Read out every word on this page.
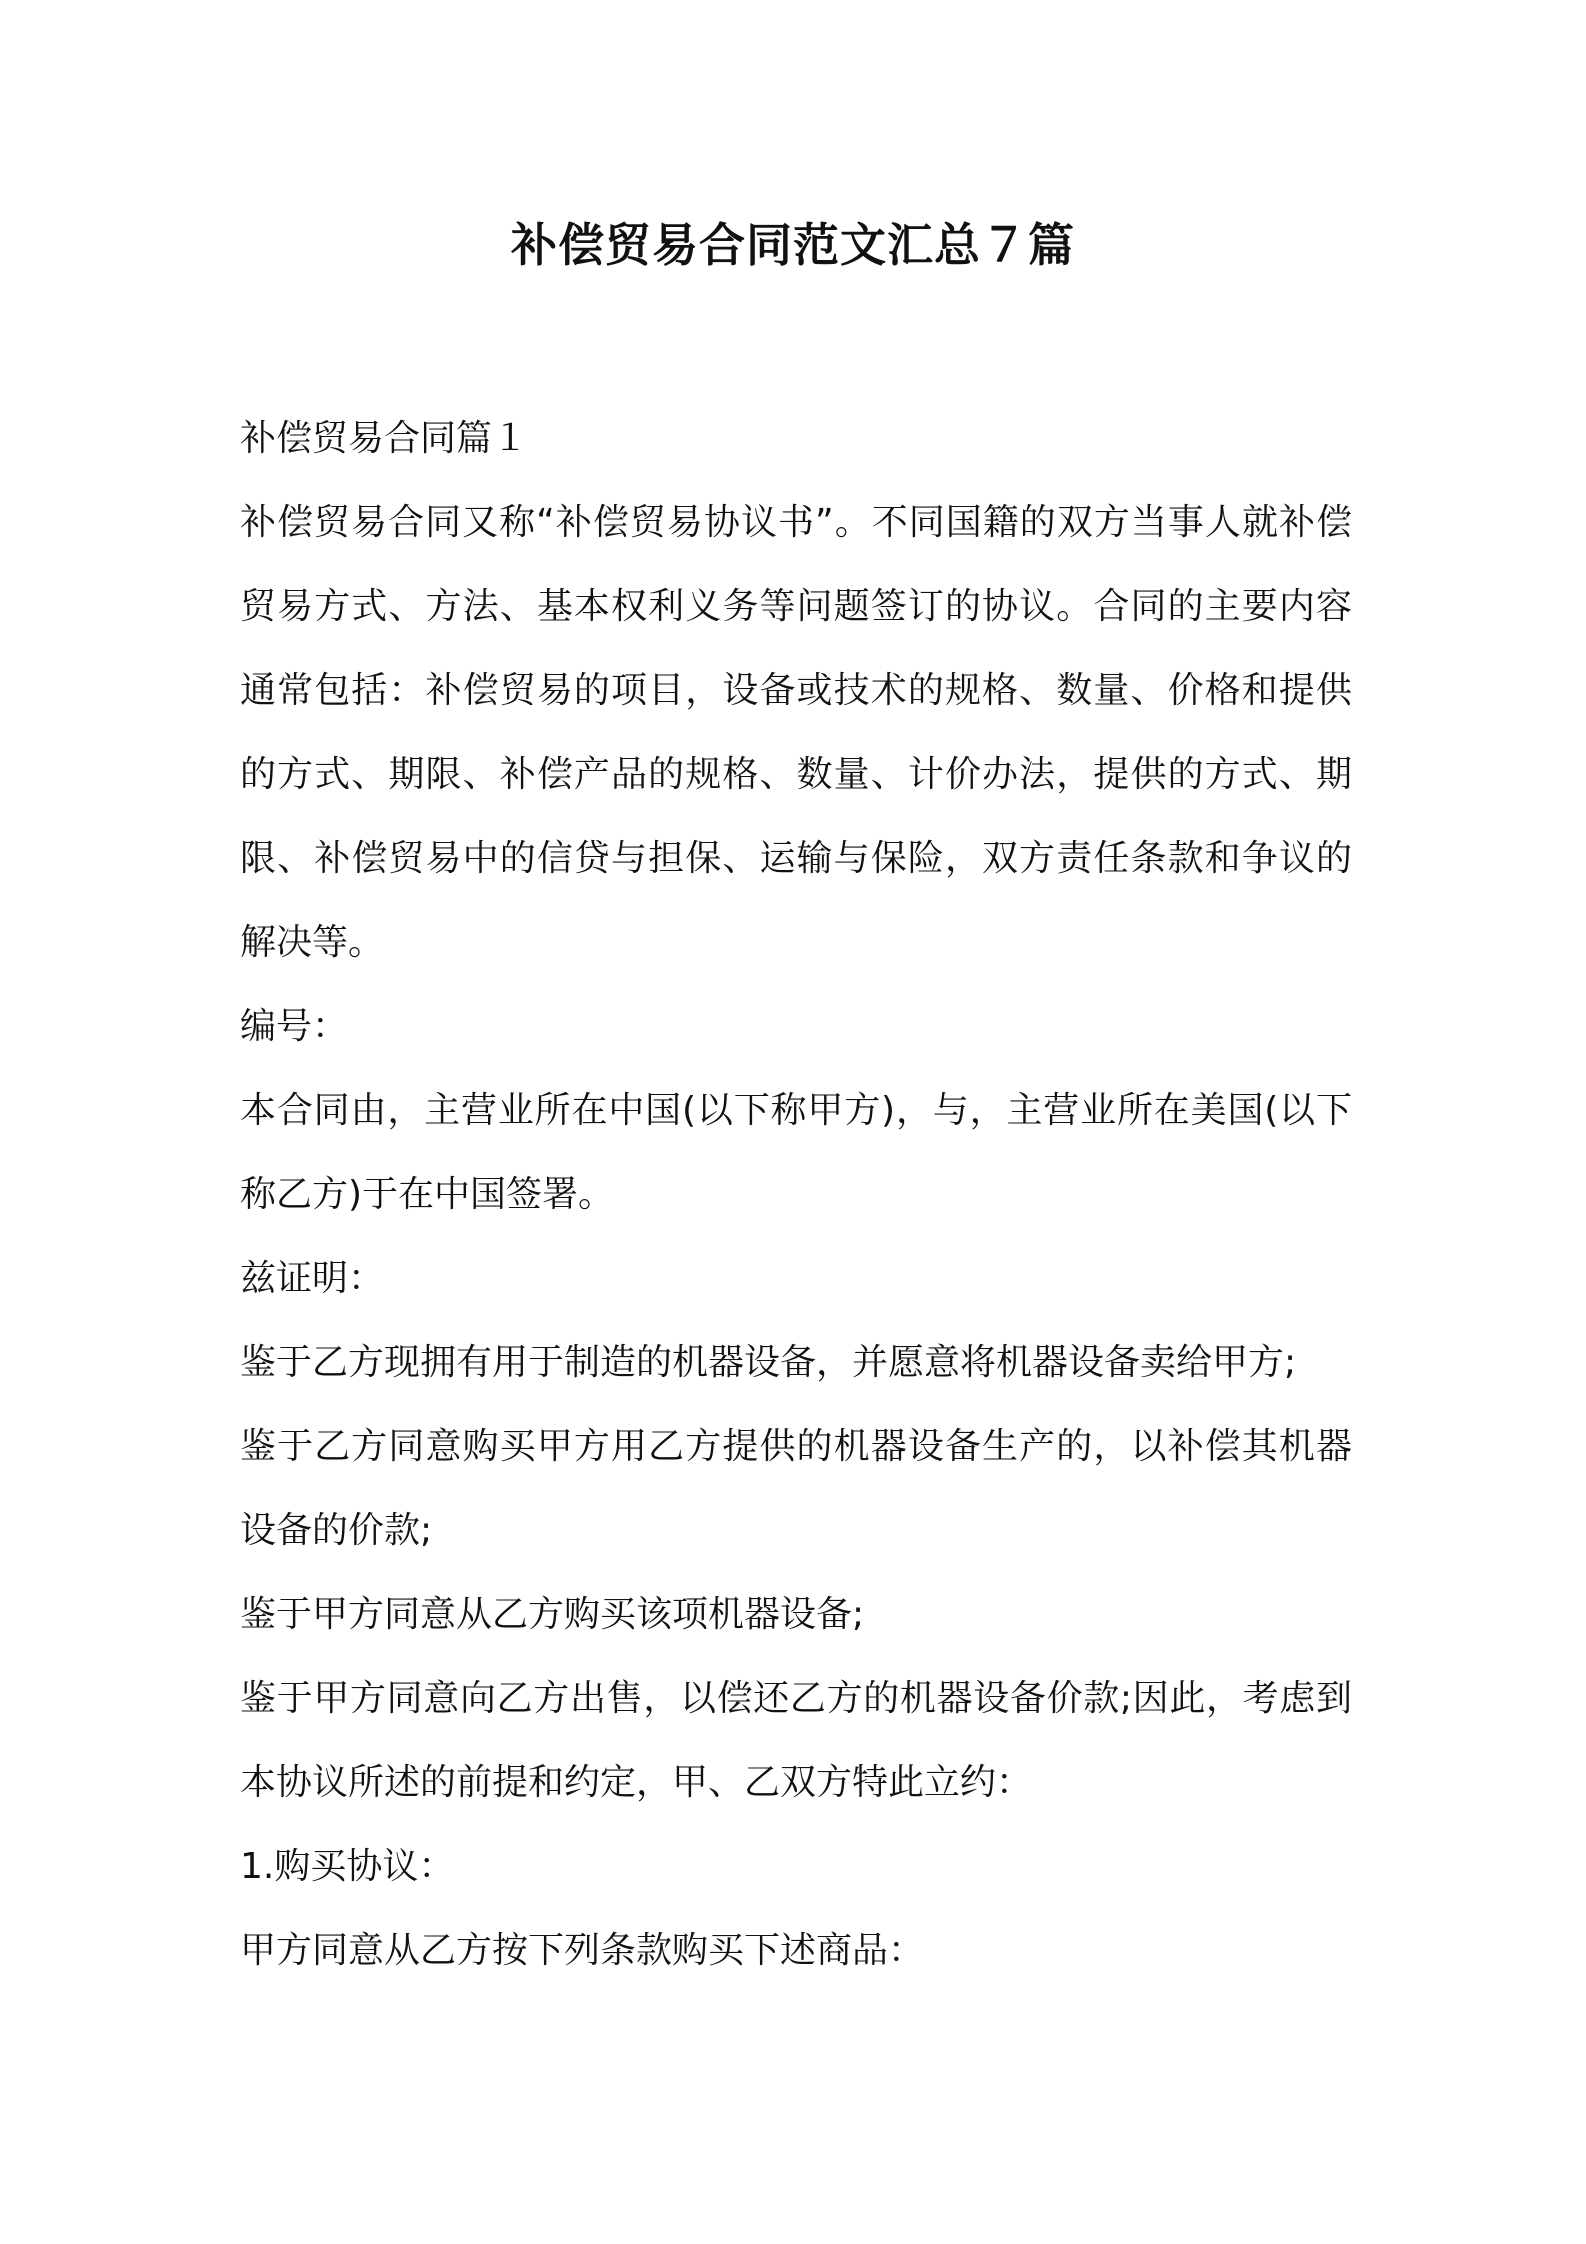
补偿贸易合同范文汇总７篇

补偿贸易合同篇１

补偿贸易合同又称“补偿贸易协议书”。不同国籍的双方当事人就补偿贸易方式、方法、基本权利义务等问题签订的协议。合同的主要内容通常包括：补偿贸易的项目，设备或技术的规格、数量、价格和提供的方式、期限、补偿产品的规格、数量、计价办法，提供的方式、期限、补偿贸易中的信贷与担保、运输与保险，双方责任条款和争议的解决等。

编号：

本合同由，主营业所在中国(以下称甲方)，与，主营业所在美国(以下称乙方)于在中国签署。

兹证明：

鉴于乙方现拥有用于制造的机器设备，并愿意将机器设备卖给甲方;

鉴于乙方同意购买甲方用乙方提供的机器设备生产的，以补偿其机器设备的价款;

鉴于甲方同意从乙方购买该项机器设备;

鉴于甲方同意向乙方出售，以偿还乙方的机器设备价款;因此，考虑到本协议所述的前提和约定，甲、乙双方特此立约：

1.购买协议：

甲方同意从乙方按下列条款购买下述商品：
